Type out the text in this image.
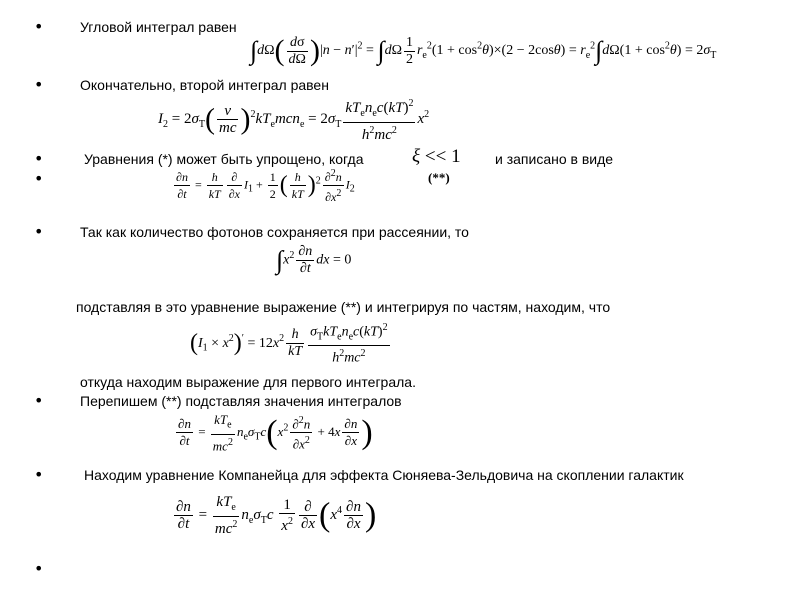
•	Угловой интеграл равен
$\int d\Omega( \frac{d\sigma}{d\Omega} )|n - n'|^2 = \int d\Omega \frac{1}{2} r_e^2(1 + \cos^2\theta)\times(2 - 2\cos\theta) = r_e^2\int d\Omega(1 + \cos^2\theta) = 2\sigma_T$
•	Окончательно, второй интеграл равен
$I_2 = 2\sigma_T( \frac{\nu}{mc} )^2kT_emcn_e = 2\sigma_T \frac{kT_en_ec(kT)^2}{h^2mc^2} x^2$
•	Уравнения (*) может быть упрощено, когда	ξ << 1 и записано в виде
•	$\frac{\partial n}{\partial t} = \frac{h}{kT} \frac{\partial}{\partial x} I_1 + \frac{1}{2}$ ( $\frac{h}{kT} )^2 \frac{\partial^2n}{\partial x^2} I_2$
(**)
•	Так как количество фотонов сохраняется при рассеянии, то
$\int x^2 \frac{\partial n}{\partial t}$ dx = 0
подставляя в это уравнение выражение (**) и интегрируя по частям, находим, что
$(I_1 \times x^2)' = 12x^2 \frac{h}{kT} \frac{\sigma_TkT_en_ec(kT)^2}{h^2mc^2}$
откуда находим выражение для первого интеграла.
•	Перепишем (**) подставляя значения интегралов
$\frac{\partial n}{\partial t} = \frac{kT_e}{mc^2} n_e\sigma_Tc(x^2 \frac{\partial^2n}{\partial x^2} + 4x \frac{\partial n}{\partial x}$ )
•	Находим уравнение Компанейца для эффекта Сюняева-Зельдовича на скоплении галактик
$\frac{\partial n}{\partial t} = \frac{kT_e}{mc^2} n_e\sigma_Tc \frac{1}{x^2} \frac{\partial}{\partial x} (x^4 \frac{\partial n}{\partial x}$ )
•
